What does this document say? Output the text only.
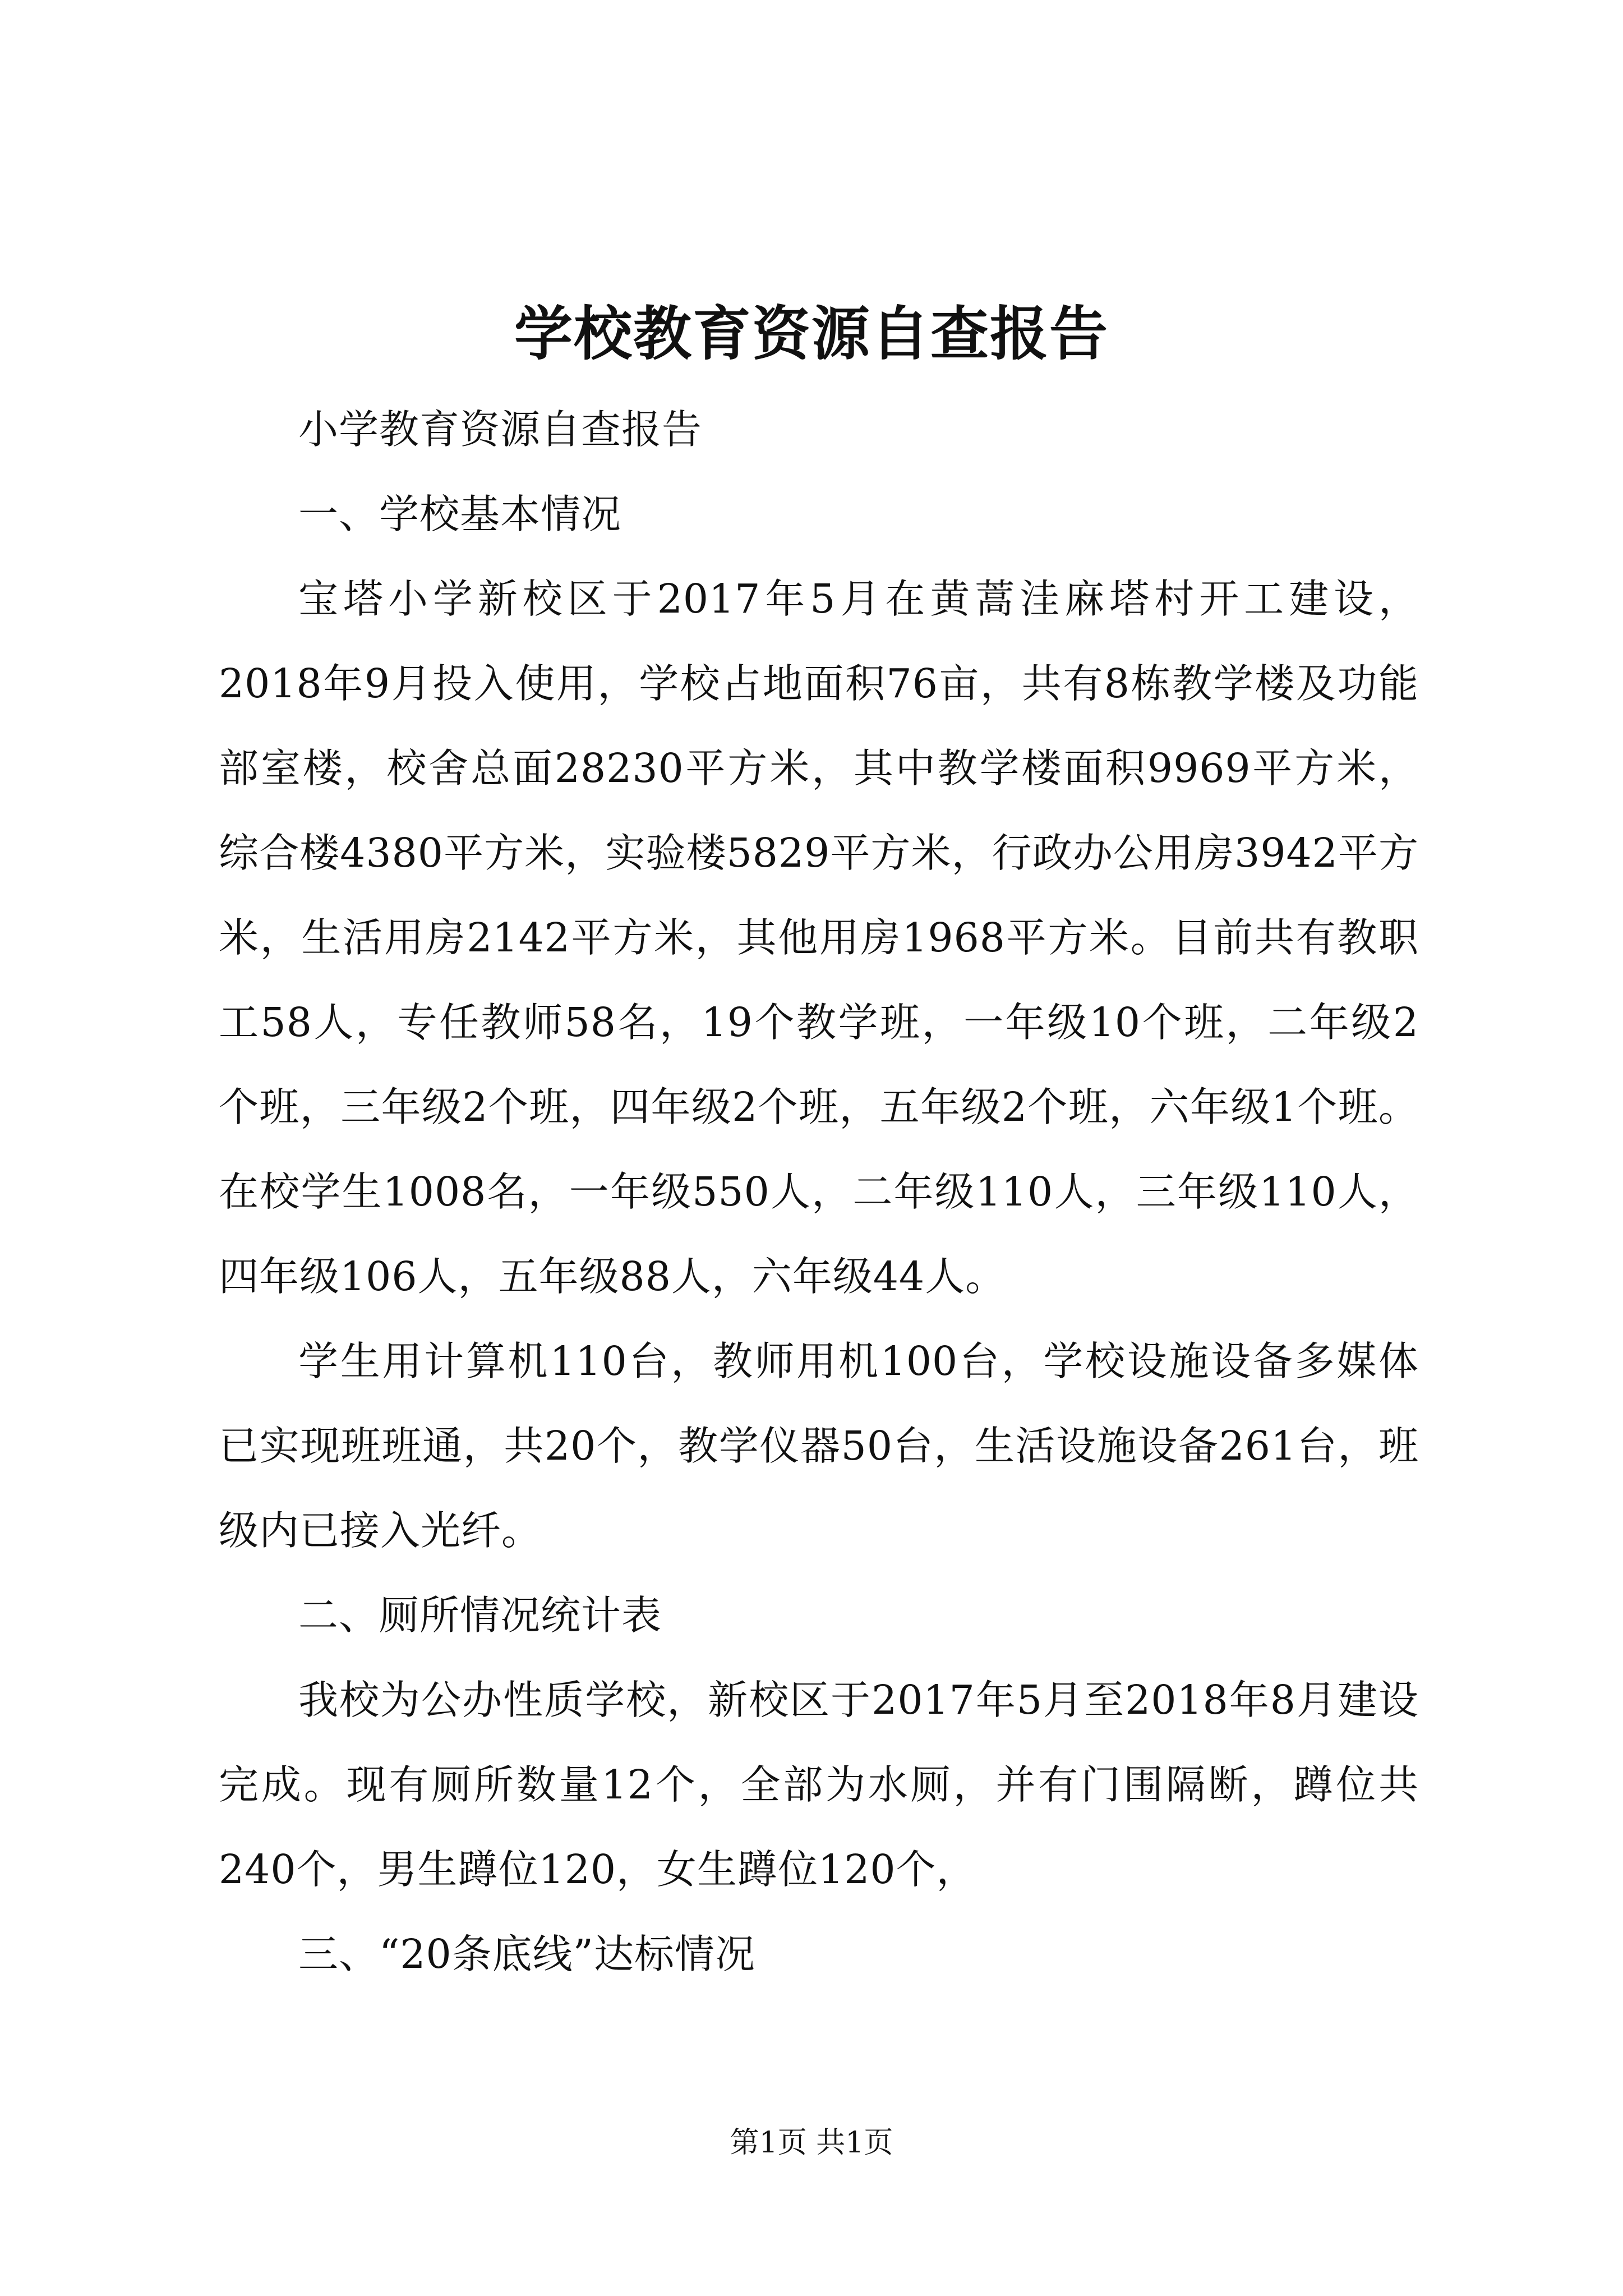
学校教育资源自查报告

小学教育资源自查报告

一、学校基本情况

宝塔小学新校区于2017年5月在黄蒿洼麻塔村开工建设，2018年9月投入使用，学校占地面积76亩，共有8栋教学楼及功能部室楼，校舍总面28230平方米，其中教学楼面积9969平方米，综合楼4380平方米，实验楼5829平方米，行政办公用房3942平方米，生活用房2142平方米，其他用房1968平方米。目前共有教职工58人，专任教师58名，19个教学班，一年级10个班，二年级2个班，三年级2个班，四年级2个班，五年级2个班，六年级1个班。在校学生1008名，一年级550人，二年级110人，三年级110人，四年级106人，五年级88人，六年级44人。

学生用计算机110台，教师用机100台，学校设施设备多媒体已实现班班通，共20个，教学仪器50台，生活设施设备261台，班级内已接入光纤。

二、厕所情况统计表

我校为公办性质学校，新校区于2017年5月至2018年8月建设完成。现有厕所数量12个，全部为水厕，并有门围隔断，蹲位共240个，男生蹲位120，女生蹲位120个，

三、“20条底线”达标情况

第1页 共1页
